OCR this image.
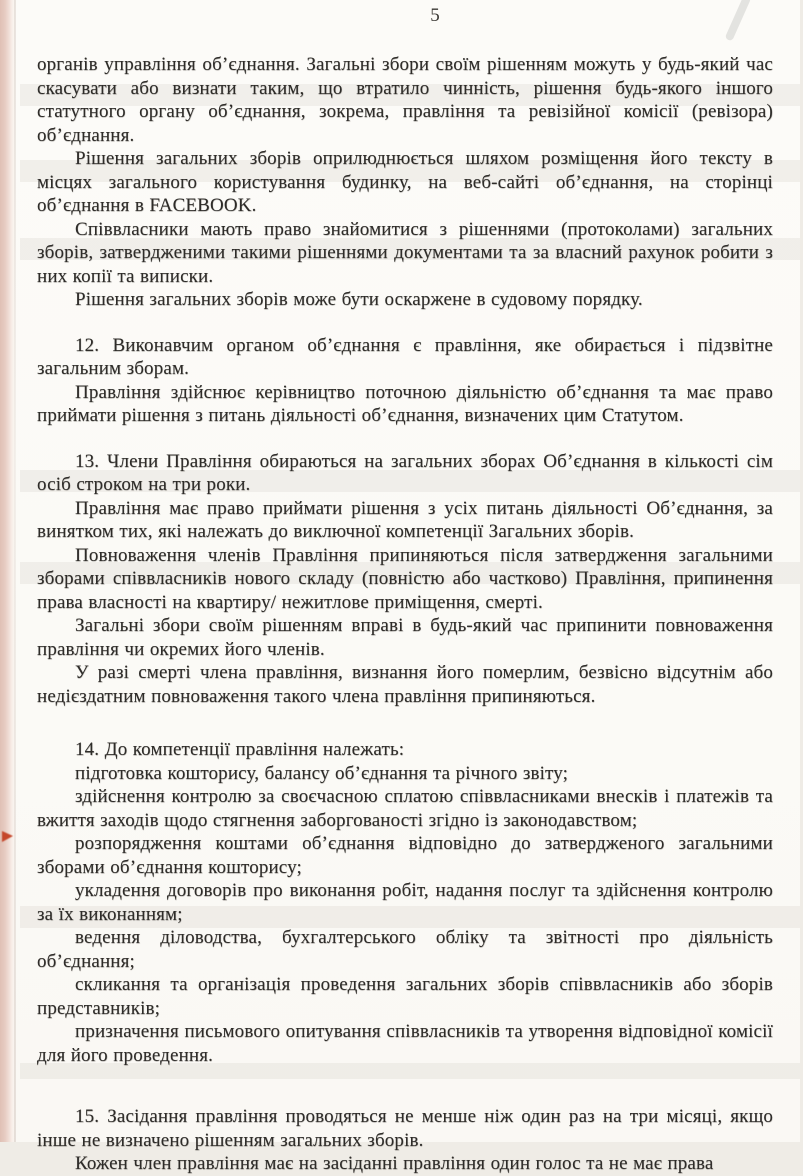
5

органів управління об’єднання. Загальні збори своїм рішенням можуть у будь-який час скасувати або визнати таким, що втратило чинність, рішення будь-якого іншого статутного органу об’єднання, зокрема, правління та ревізійної комісії (ревізора) об’єднання.

Рішення загальних зборів оприлюднюється шляхом розміщення його тексту в місцях загального користування будинку, на веб-сайті об’єднання, на сторінці об’єднання в FACEBOOK.

Співвласники мають право знайомитися з рішеннями (протоколами) загальних зборів, затвердженими такими рішеннями документами та за власний рахунок робити з них копії та виписки.

Рішення загальних зборів може бути оскаржене в судовому порядку.

12. Виконавчим органом об’єднання є правління, яке обирається і підзвітне загальним зборам.

Правління здійснює керівництво поточною діяльністю об’єднання та має право приймати рішення з питань діяльності об’єднання, визначених цим Статутом.

13. Члени Правління обираються на загальних зборах Об’єднання в кількості сім осіб строком на три роки.

Правління має право приймати рішення з усіх питань діяльності Об’єднання, за винятком тих, які належать до виключної компетенції Загальних зборів.

Повноваження членів Правління припиняються після затвердження загальними зборами співвласників нового складу (повністю або частково) Правління, припинення права власності на квартиру/ нежитлове приміщення, смерті.

Загальні збори своїм рішенням вправі в будь-який час припинити повноваження правління чи окремих його членів.

У разі смерті члена правління, визнання його померлим, безвісно відсутнім або недієздатним повноваження такого члена правління припиняються.

14. До компетенції правління належать:

підготовка кошторису, балансу об’єднання та річного звіту;

здійснення контролю за своєчасною сплатою співвласниками внесків і платежів та вжиття заходів щодо стягнення заборгованості згідно із законодавством;

розпорядження коштами об’єднання відповідно до затвердженого загальними зборами об’єднання кошторису;

укладення договорів про виконання робіт, надання послуг та здійснення контролю за їх виконанням;

ведення діловодства, бухгалтерського обліку та звітності про діяльність об’єднання;

скликання та організація проведення загальних зборів співвласників або зборів представників;

призначення письмового опитування співвласників та утворення відповідної комісії для його проведення.

15. Засідання правління проводяться не менше ніж один раз на три місяці, якщо інше не визначено рішенням загальних зборів.

Кожен член правління має на засіданні правління один голос та не має права
